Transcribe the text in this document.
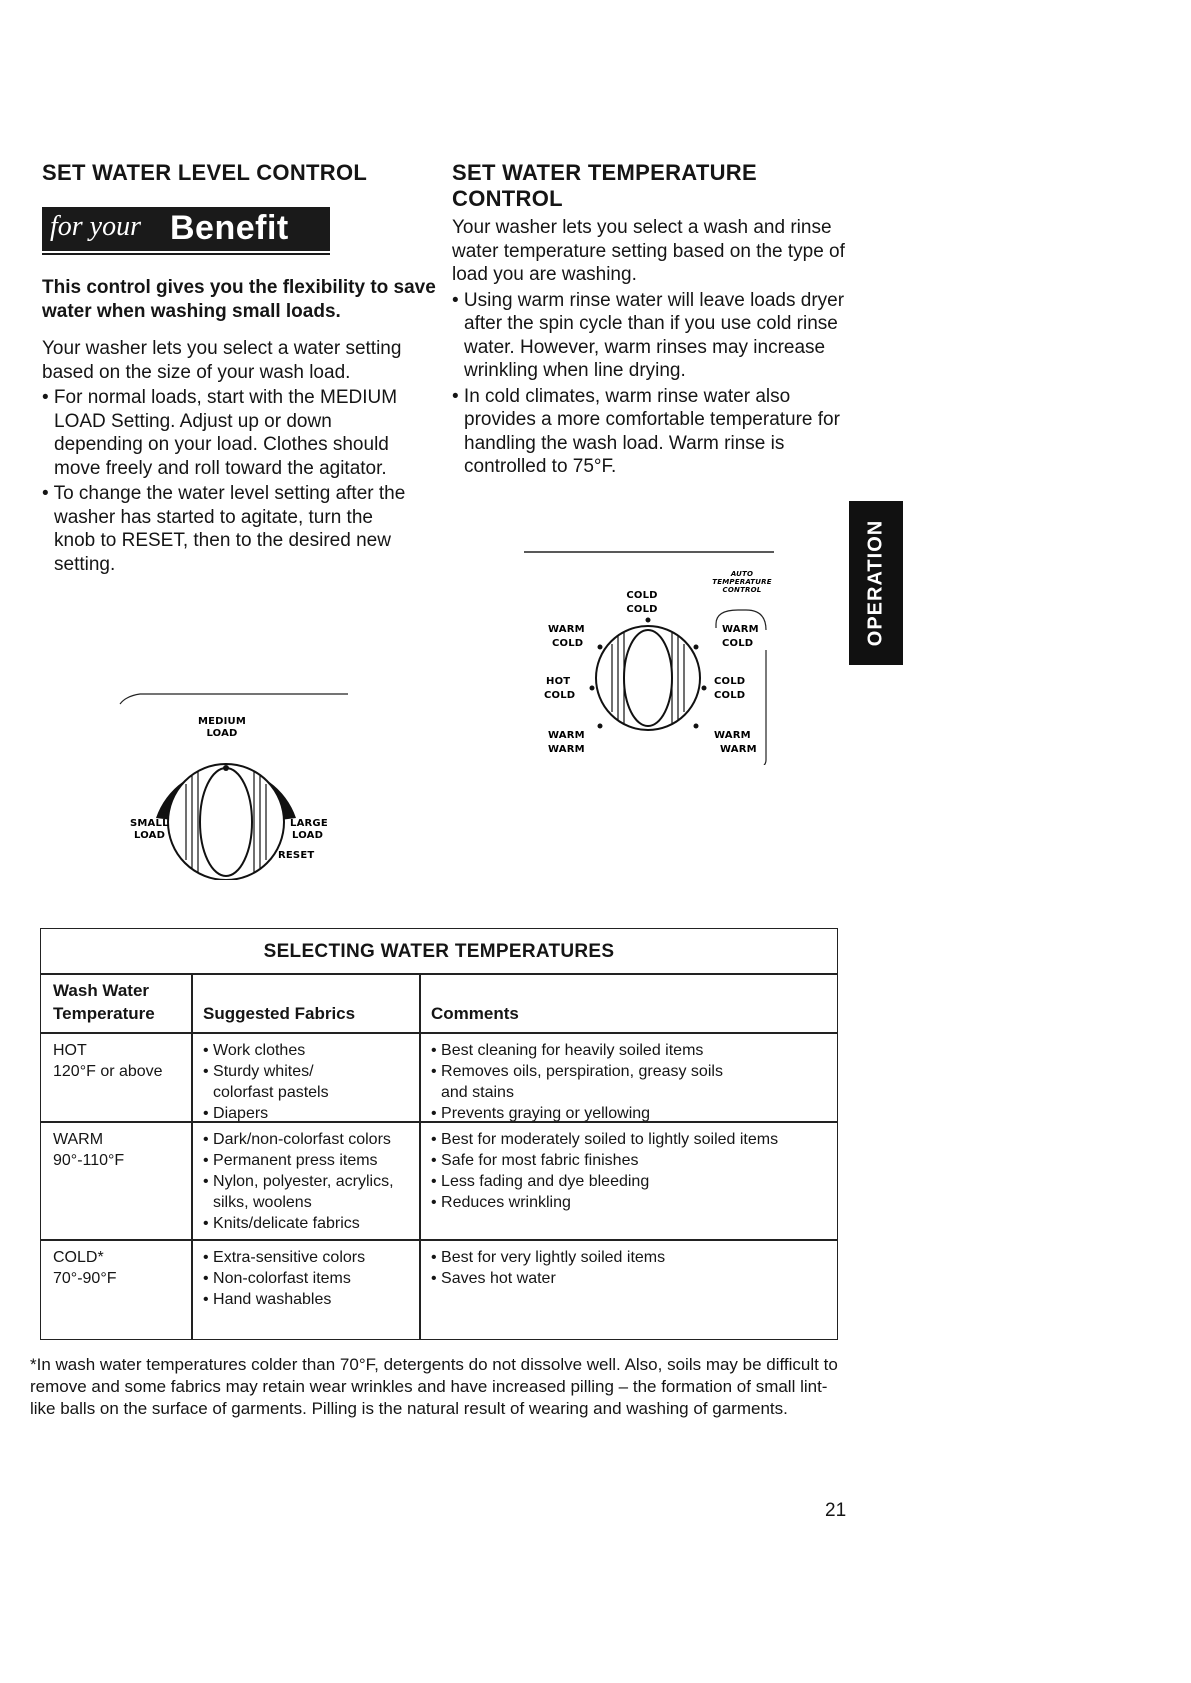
SET WATER LEVEL CONTROL
for your Benefit
This control gives you the flexibility to save water when washing small loads.

Your washer lets you select a water setting based on the size of your wash load.

• For normal loads, start with the MEDIUM LOAD Setting. Adjust up or down depending on your load. Clothes should move freely and roll toward the agitator.

• To change the water level setting after the washer has started to agitate, turn the knob to RESET, then to the desired new setting.

MEDIUM
LOAD
SMALL
LOAD
LARGE
LOAD
RESET
SET WATER TEMPERATURE
CONTROL

Your washer lets you select a wash and rinse water temperature setting based on the type of load you are washing.

• Using warm rinse water will leave loads dryer after the spin cycle than if you use cold rinse water. However, warm rinses may increase wrinkling when line drying.

• In cold climates, warm rinse water also provides a more comfortable temperature for handling the wash load. Warm rinse is controlled to 75°F.

AUTO
TEMPERATURE
CONTROL
COLD
COLD
WARM
COLD
HOT
COLD
WARM
WARM
WARM
COLD
COLD
COLD
WARM
WARM
OPERATION
SELECTING WATER TEMPERATURES
Wash Water Temperature	Suggested Fabrics	Comments
HOT
120°F or above
• Work clothes
• Sturdy whites/ colorfast pastels
• Diapers
• Best cleaning for heavily soiled items
• Removes oils, perspiration, greasy soils and stains
• Prevents graying or yellowing
WARM
90°-110°F
• Dark/non-colorfast colors
• Permanent press items
• Nylon, polyester, acrylics, silks, woolens
• Knits/delicate fabrics
• Best for moderately soiled to lightly soiled items
• Safe for most fabric finishes
• Less fading and dye bleeding
• Reduces wrinkling
COLD*
70°-90°F
• Extra-sensitive colors
• Non-colorfast items
• Hand washables
• Best for very lightly soiled items
• Saves hot water
*In wash water temperatures colder than 70°F, detergents do not dissolve well. Also, soils may be difficult to remove and some fabrics may retain wear wrinkles and have increased pilling – the formation of small lint-like balls on the surface of garments. Pilling is the natural result of wearing and washing of garments.
21
